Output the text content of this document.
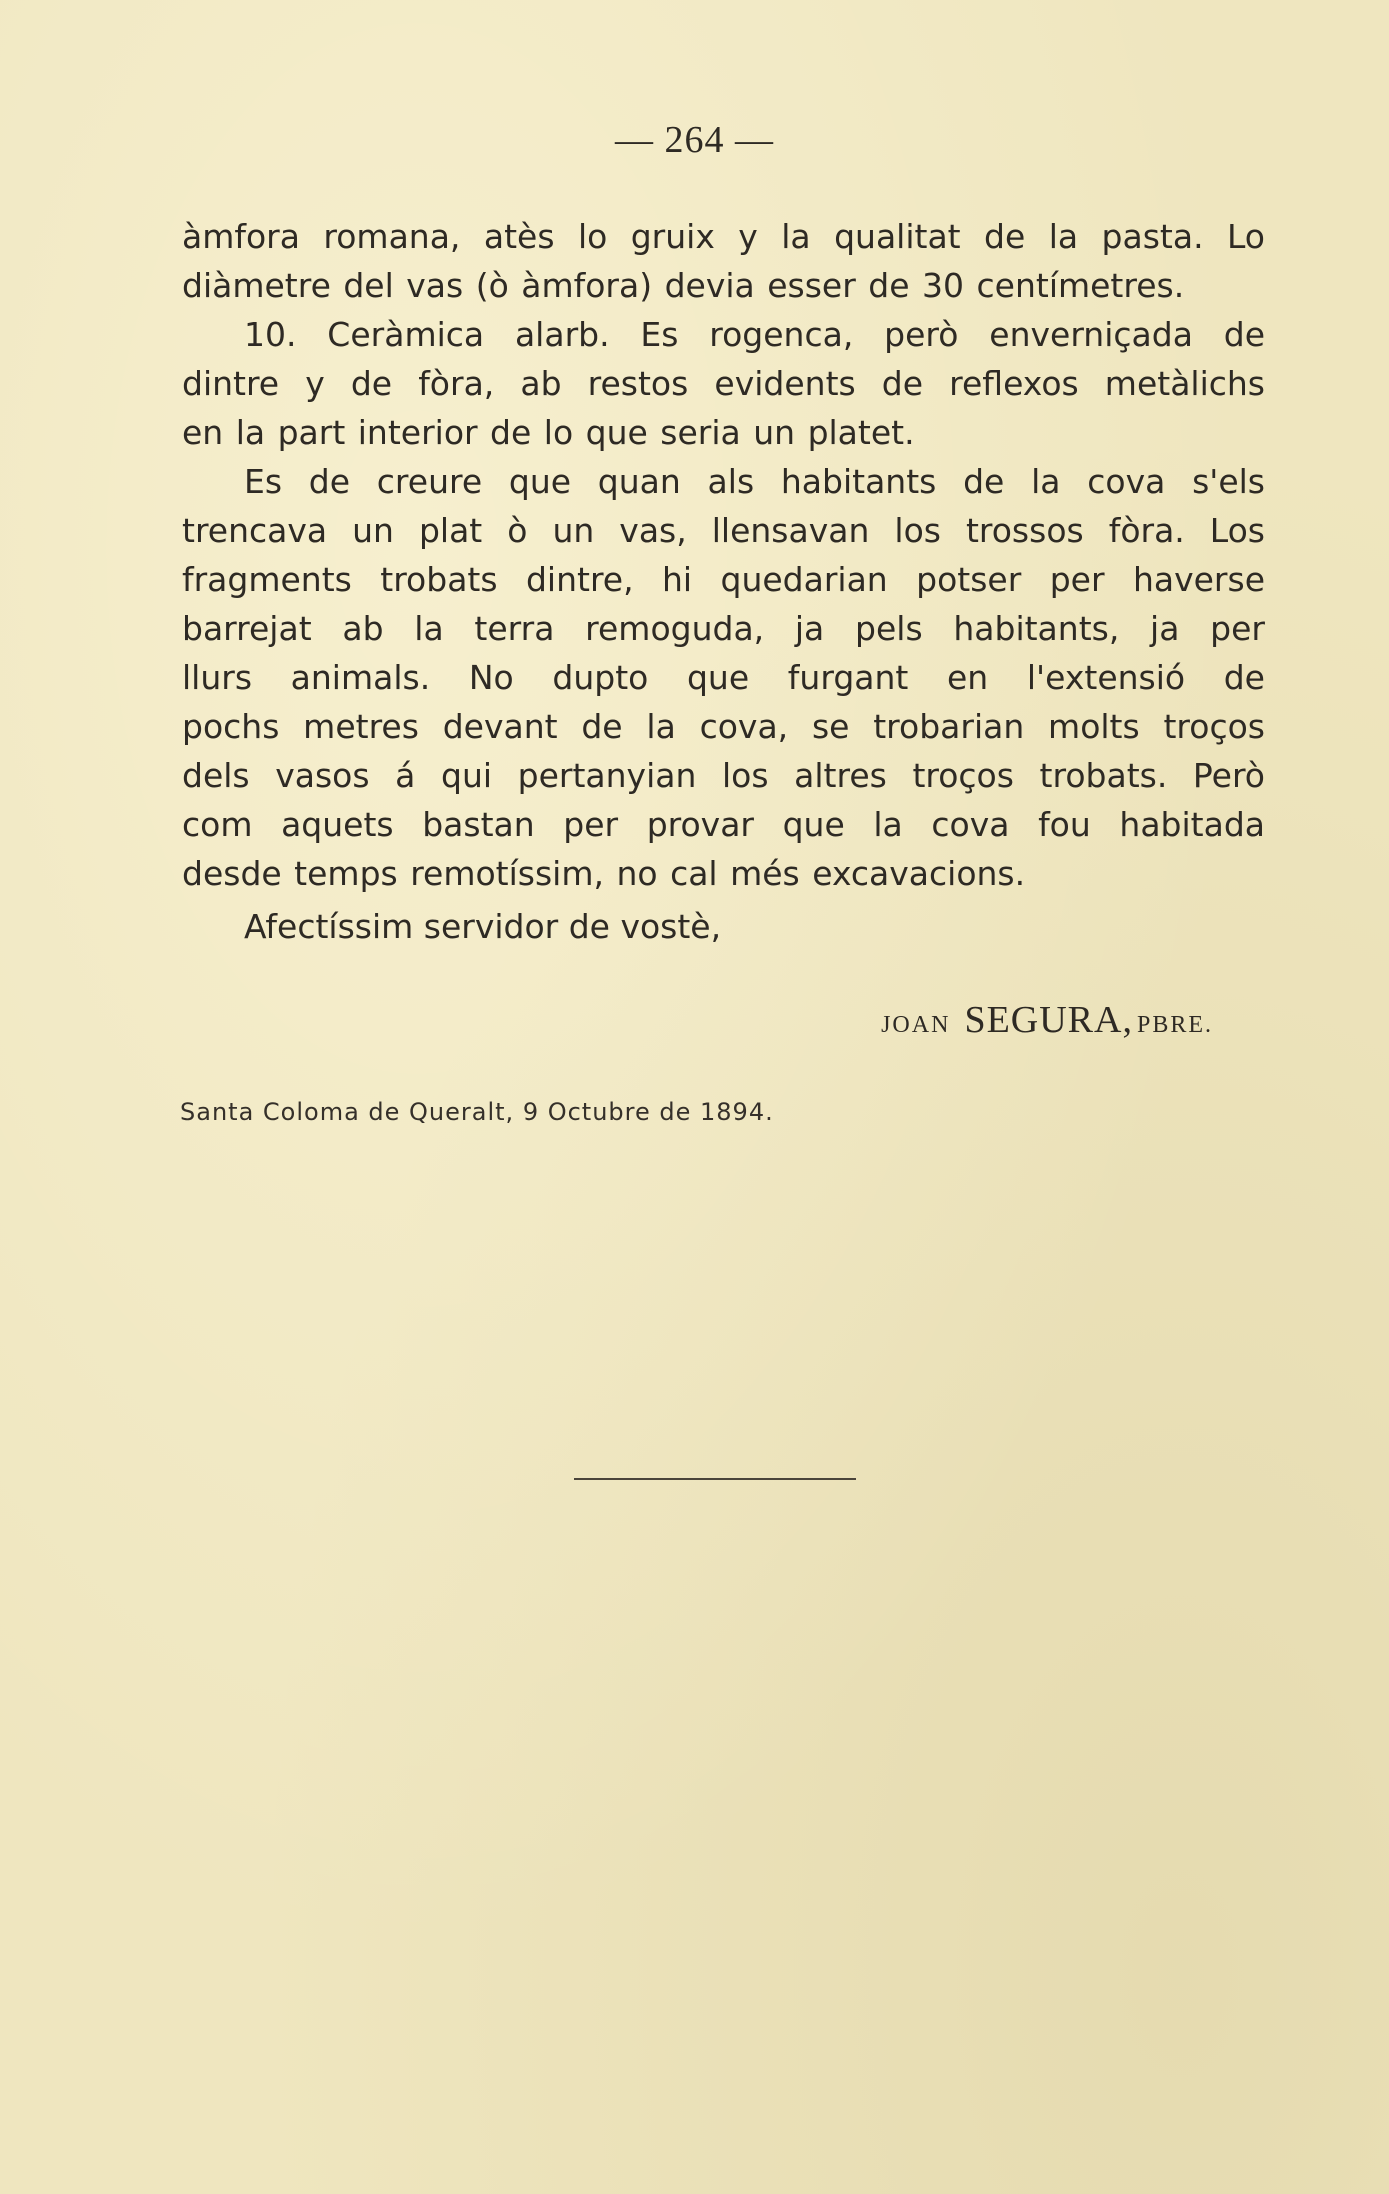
— 264 —
àmfora romana, atès lo gruix y la qualitat de la pasta. Lo
diàmetre del vas (ò àmfora) devia esser de 30 centímetres.
10. Ceràmica alarb. Es rogenca, però enverniçada de
dintre y de fòra, ab restos evidents de reflexos metàlichs
en la part interior de lo que seria un platet.
Es de creure que quan als habitants de la cova s'els
trencava un plat ò un vas, llensavan los trossos fòra. Los
fragments trobats dintre, hi quedarian potser per haverse
barrejat ab la terra remoguda, ja pels habitants, ja per
llurs animals. No dupto que furgant en l'extensió de
pochs metres devant de la cova, se trobarian molts troços
dels vasos á qui pertanyian los altres troços trobats. Però
com aquets bastan per provar que la cova fou habitada
desde temps remotíssim, no cal més excavacions.
Afectíssim servidor de vostè,
JOAN SEGURA, PBRE.
Santa Coloma de Queralt, 9 Octubre de 1894.
